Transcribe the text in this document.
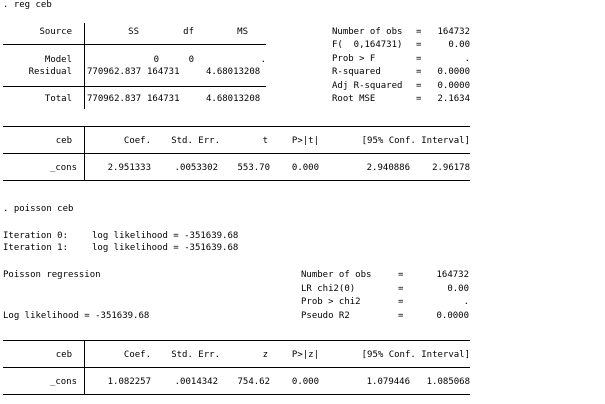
. reg ceb
Source	SS	df	MS
Model	0	0	.
Residual 770962.837 164731	4.68013208
Total 770962.837 164731	4.68013208
Number of obs =	164732
F(  0,164731) =	0.00
Prob > F	=	.
R-squared	=	0.0000
Adj R-squared =	0.0000
Root MSE	=	2.1634
ceb	Coef.	Std. Err.	t	P>|t|	[95% Conf. Interval]
_cons	2.951333	.0053302	553.70	0.000	2.940886	2.96178
. poisson ceb
Iteration 0:	log likelihood = -351639.68
Iteration 1:	log likelihood = -351639.68
Poisson regression
Log likelihood = -351639.68
Number of obs	=	164732
LR chi2(0)	=	0.00
Prob > chi2	=	.
Pseudo R2	=	0.0000
ceb	Coef.	Std. Err.	z	P>|z|	[95% Conf. Interval]
_cons	1.082257	.0014342	754.62	0.000	1.079446	1.085068
